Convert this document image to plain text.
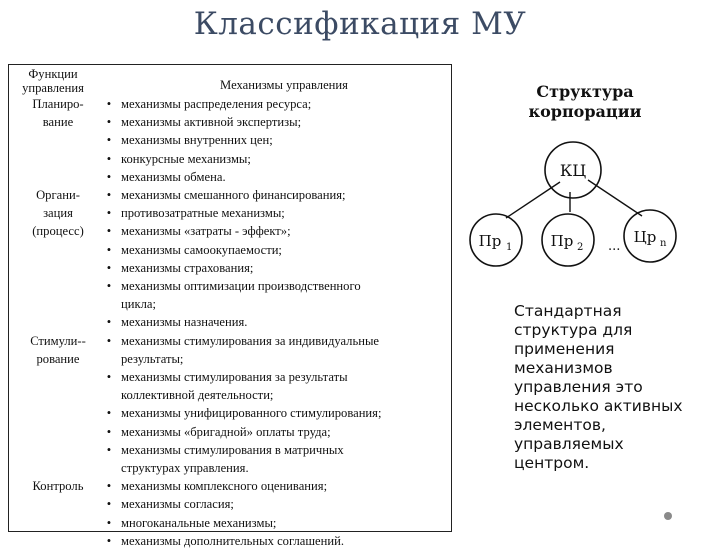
Классификация МУ
Функции
управления	Механизмы управления
• механизмы распределения ресурса;
• механизмы активной экспертизы;
• механизмы внутренних цен;
• конкурсные механизмы;
• механизмы обмена.
• механизмы смешанного финансирования;
• противозатратные механизмы;
• механизмы «затраты - эффект»;
• механизмы самоокупаемости;
• механизмы страхования;
• механизмы оптимизации производственного
цикла;
• механизмы назначения.
• механизмы стимулирования за индивидуальные
результаты;
• механизмы стимулирования за результаты
коллективной деятельности;
• механизмы унифицированного стимулирования;
• механизмы «бригадной» оплаты труда;
• механизмы стимулирования в матричных
структурах управления.
• механизмы комплексного оценивания;
• механизмы согласия;
• многоканальные механизмы;
• механизмы дополнительных соглашений.
Планиро-
вание
Органи-
зация
(процесс)
Стимули--
рование
Контроль
Структура
корпорации
КЦ
Пр 1	Пр 2 ...
Цр n
Стандартная
структура для
применения
механизмов
управления это
несколько активных
элементов,
управляемых
центром.
